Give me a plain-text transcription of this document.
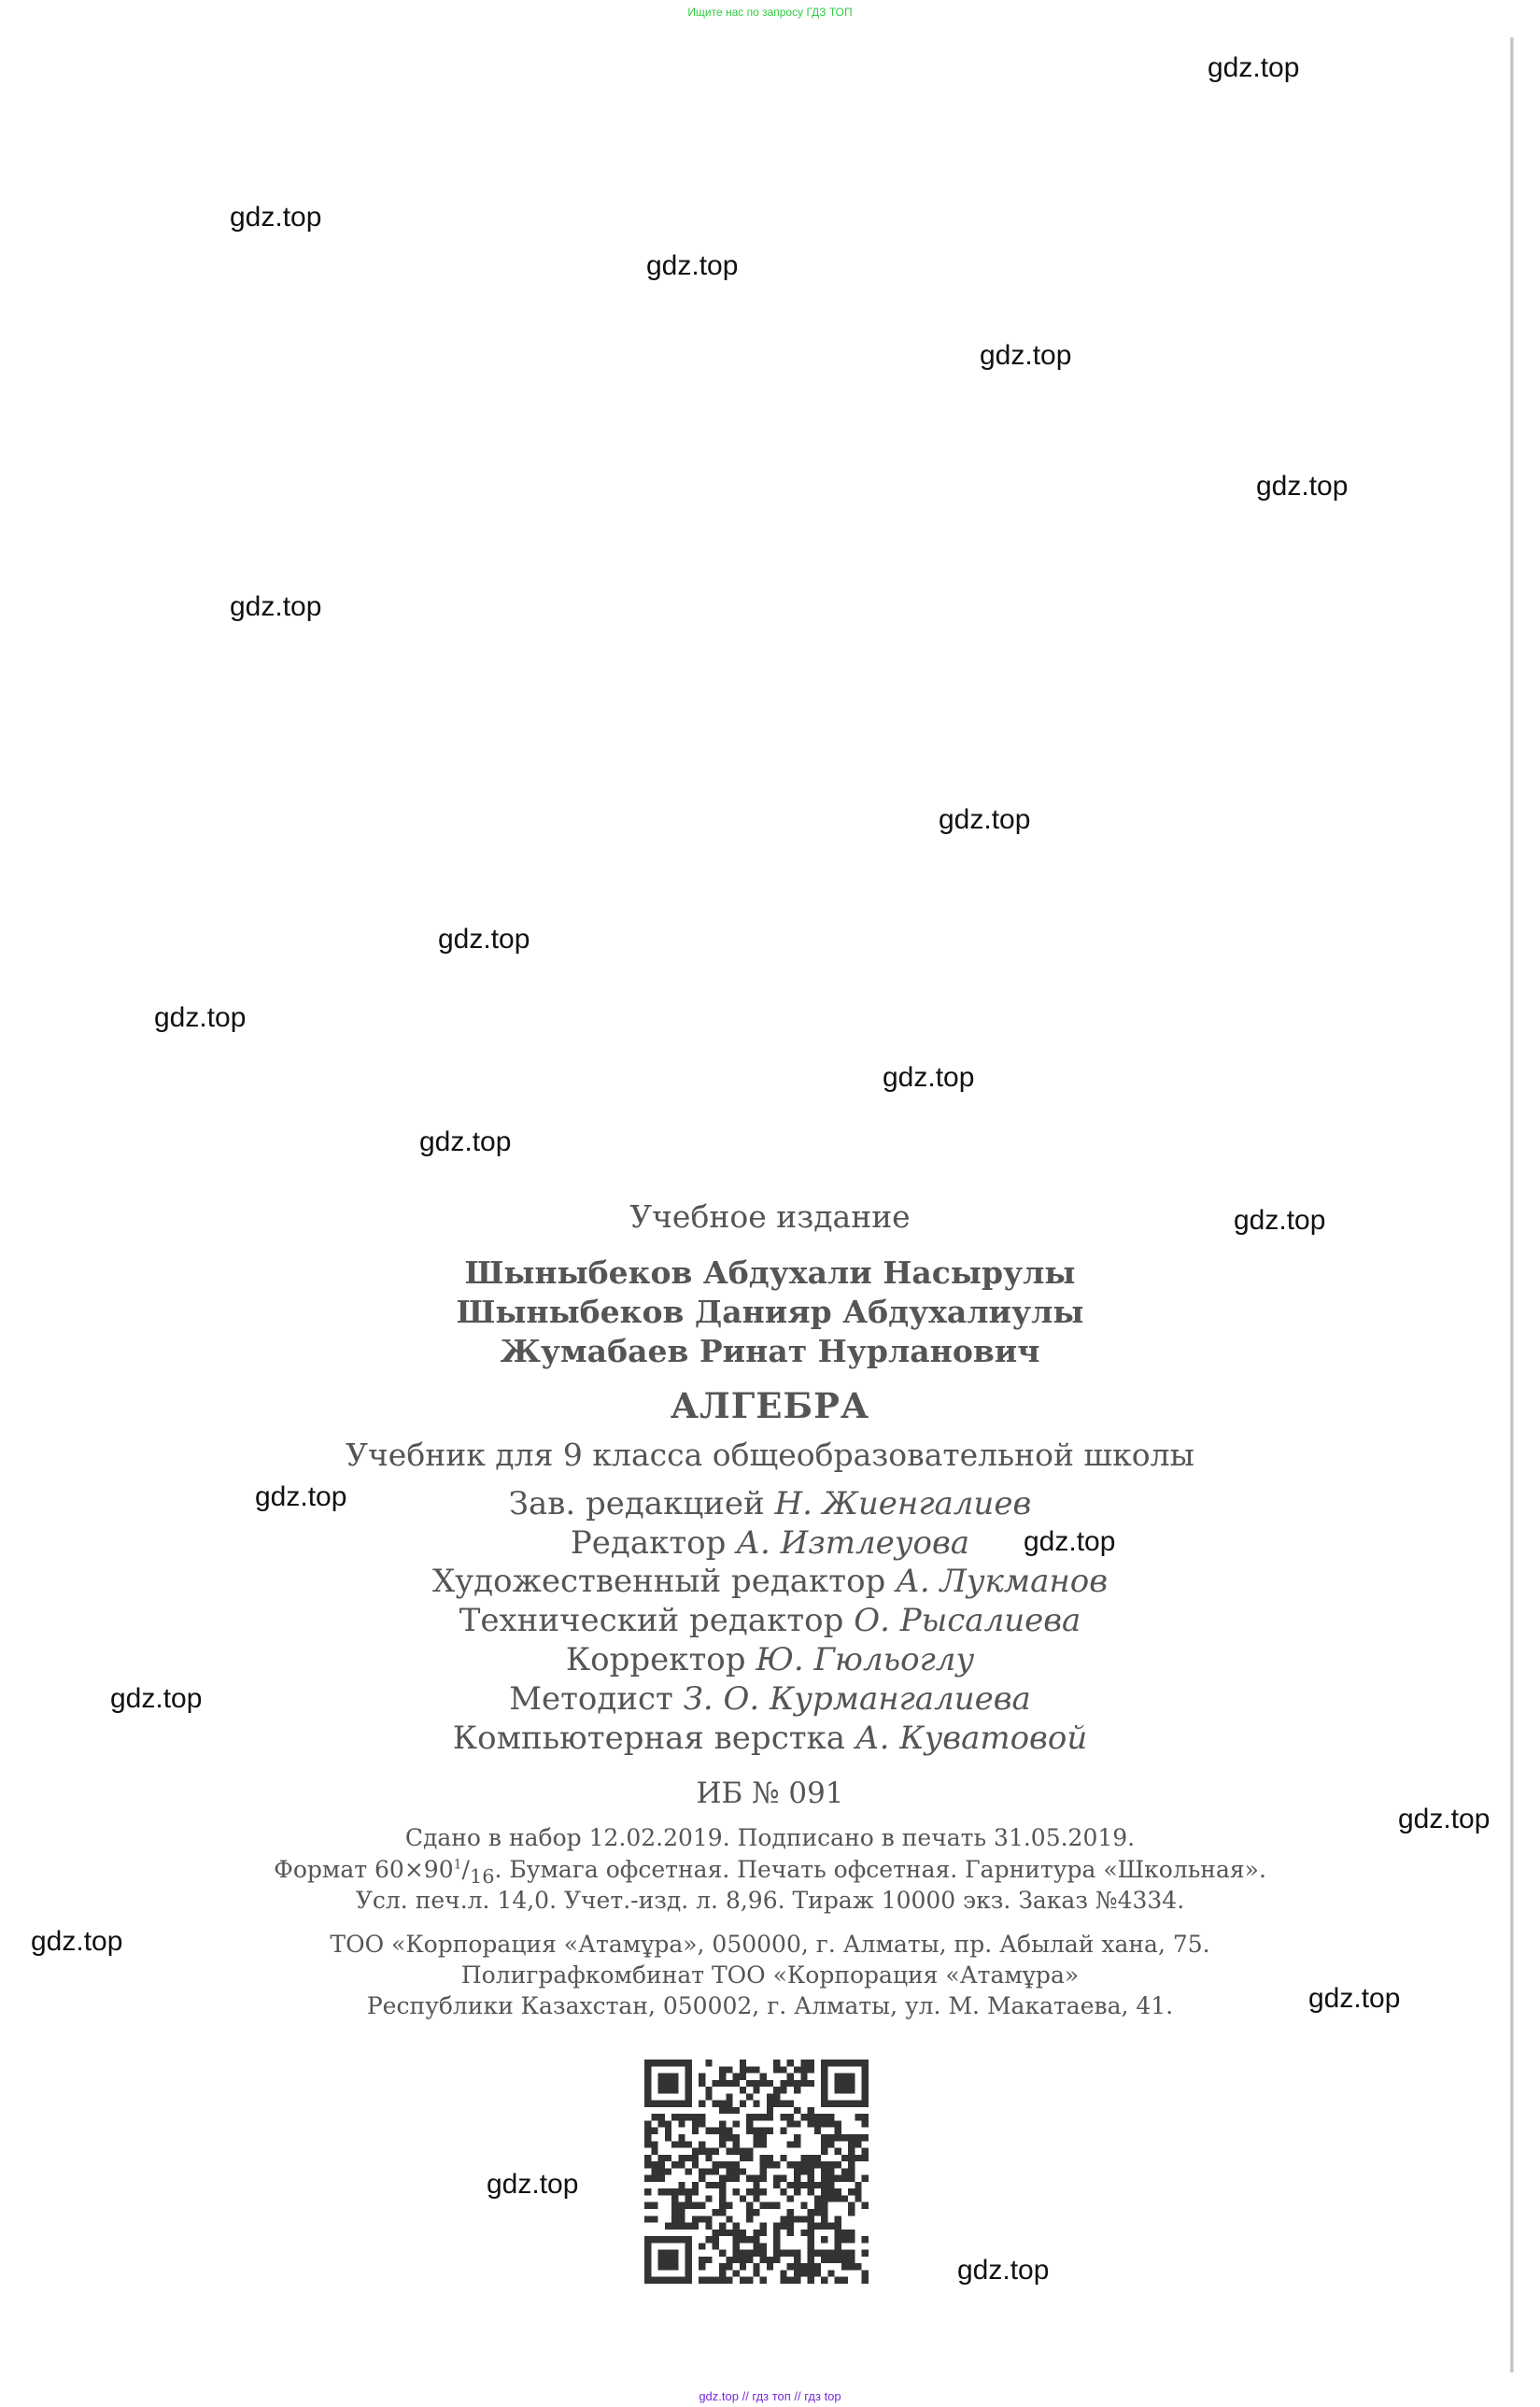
Ищите нас по запросу ГДЗ ТОП
gdz.top
gdz.top
gdz.top
gdz.top
gdz.top
gdz.top
gdz.top
gdz.top
gdz.top
gdz.top
gdz.top
gdz.top
gdz.top
gdz.top
gdz.top
gdz.top
gdz.top
gdz.top
gdz.top
gdz.top
Учебное издание
Шыныбеков Абдухали Насырулы
Шыныбеков Данияр Абдухалиулы
Жумабаев Ринат Нурланович
АЛГЕБРА
Учебник для 9 класса общеобразовательной школы
Зав. редакцией Н. Жиенгалиев
Редактор А. Изтлеуова
Художественный редактор А. Лукманов
Технический редактор О. Рысалиева
Корректор Ю. Гюльоглу
Методист З. О. Курмангалиева
Компьютерная верстка А. Куватовой
ИБ № 091
Сдано в набор 12.02.2019. Подписано в печать 31.05.2019.
Формат $60\times 90^1/_{16}$. Бумага офсетная. Печать офсетная. Гарнитура «Школьная».
Усл. печ.л. 14,0. Учет.-изд. л. 8,96. Тираж 10000 экз. Заказ №4334.
ТОО «Корпорация «Атамұра», 050000, г. Алматы, пр. Абылай хана, 75.
Полиграфкомбинат ТОО «Корпорация «Атамұра»
Республики Казахстан, 050002, г. Алматы, ул. М. Макатаева, 41.
gdz.top // гдз топ // гдз top
